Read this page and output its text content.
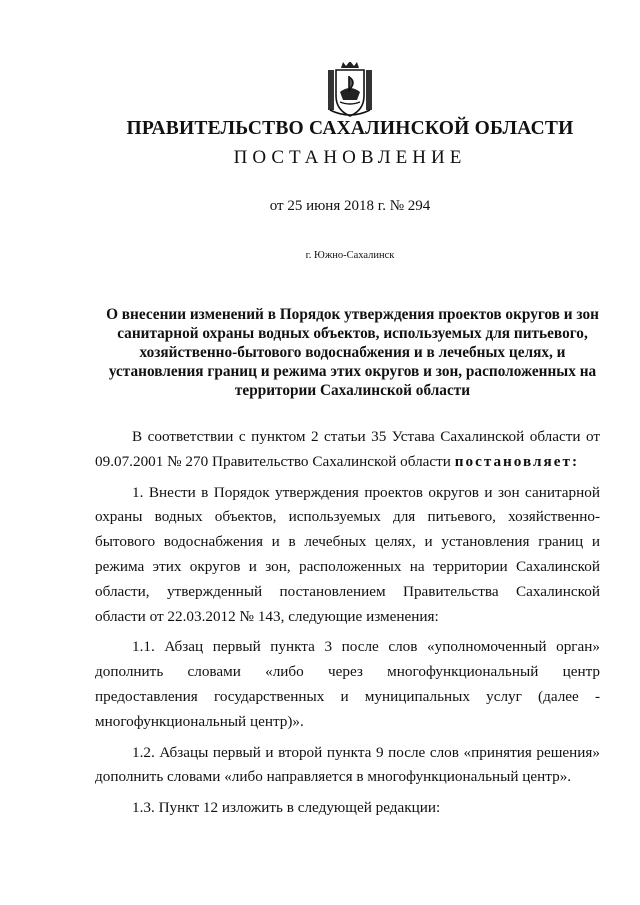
ПРАВИТЕЛЬСТВО САХАЛИНСКОЙ ОБЛАСТИ
ПОСТАНОВЛЕНИЕ
от 25 июня 2018 г. № 294
г. Южно-Сахалинск
О внесении изменений в Порядок утверждения проектов округов и зон
санитарной охраны водных объектов, используемых для питьевого,
хозяйственно-бытового водоснабжения и в лечебных целях, и
установления границ и режима этих округов и зон, расположенных на
территории Сахалинской области

В соответствии с пунктом 2 статьи 35 Устава Сахалинской области от 09.07.2001 № 270 Правительство Сахалинской области постановляет:

1. Внести в Порядок утверждения проектов округов и зон санитарной охраны водных объектов, используемых для питьевого, хозяйственно-бытового водоснабжения и в лечебных целях, и установления границ и режима этих округов и зон, расположенных на территории Сахалинской области, утвержденный постановлением Правительства Сахалинской области от 22.03.2012 № 143, следующие изменения:

1.1. Абзац первый пункта 3 после слов «уполномоченный орган» дополнить словами «либо через многофункциональный центр предоставления государственных и муниципальных услуг (далее - многофункциональный центр)».

1.2. Абзацы первый и второй пункта 9 после слов «принятия решения» дополнить словами «либо направляется в многофункциональный центр».

1.3. Пункт 12 изложить в следующей редакции:
